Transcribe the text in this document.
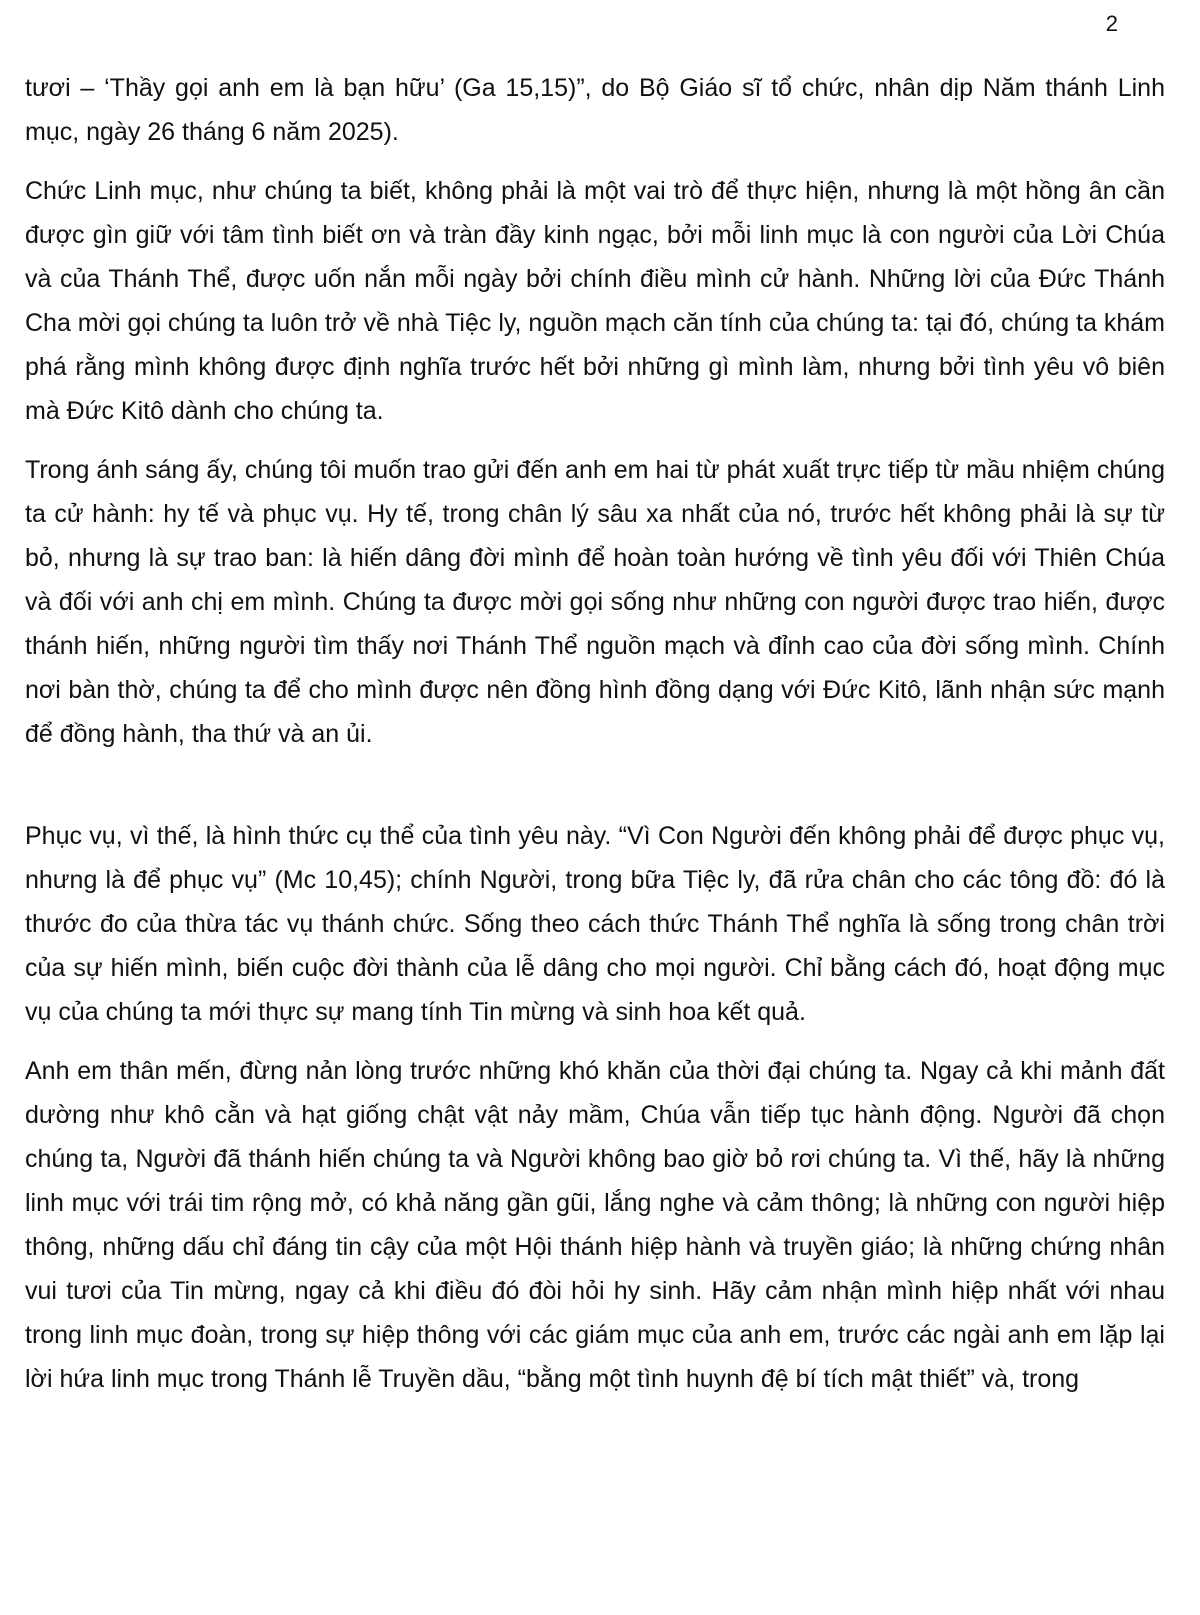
2

tươi – ‘Thầy gọi anh em là bạn hữu’ (Ga 15,15)”, do Bộ Giáo sĩ tổ chức, nhân dịp Năm thánh Linh mục, ngày 26 tháng 6 năm 2025).

Chức Linh mục, như chúng ta biết, không phải là một vai trò để thực hiện, nhưng là một hồng ân cần được gìn giữ với tâm tình biết ơn và tràn đầy kinh ngạc, bởi mỗi linh mục là con người của Lời Chúa và của Thánh Thể, được uốn nắn mỗi ngày bởi chính điều mình cử hành. Những lời của Đức Thánh Cha mời gọi chúng ta luôn trở về nhà Tiệc ly, nguồn mạch căn tính của chúng ta: tại đó, chúng ta khám phá rằng mình không được định nghĩa trước hết bởi những gì mình làm, nhưng bởi tình yêu vô biên mà Đức Kitô dành cho chúng ta.

Trong ánh sáng ấy, chúng tôi muốn trao gửi đến anh em hai từ phát xuất trực tiếp từ mầu nhiệm chúng ta cử hành: hy tế và phục vụ. Hy tế, trong chân lý sâu xa nhất của nó, trước hết không phải là sự từ bỏ, nhưng là sự trao ban: là hiến dâng đời mình để hoàn toàn hướng về tình yêu đối với Thiên Chúa và đối với anh chị em mình. Chúng ta được mời gọi sống như những con người được trao hiến, được thánh hiến, những người tìm thấy nơi Thánh Thể nguồn mạch và đỉnh cao của đời sống mình. Chính nơi bàn thờ, chúng ta để cho mình được nên đồng hình đồng dạng với Đức Kitô, lãnh nhận sức mạnh để đồng hành, tha thứ và an ủi.

Phục vụ, vì thế, là hình thức cụ thể của tình yêu này. “Vì Con Người đến không phải để được phục vụ, nhưng là để phục vụ” (Mc 10,45); chính Người, trong bữa Tiệc ly, đã rửa chân cho các tông đồ: đó là thước đo của thừa tác vụ thánh chức. Sống theo cách thức Thánh Thể nghĩa là sống trong chân trời của sự hiến mình, biến cuộc đời thành của lễ dâng cho mọi người. Chỉ bằng cách đó, hoạt động mục vụ của chúng ta mới thực sự mang tính Tin mừng và sinh hoa kết quả.

Anh em thân mến, đừng nản lòng trước những khó khăn của thời đại chúng ta. Ngay cả khi mảnh đất dường như khô cằn và hạt giống chật vật nảy mầm, Chúa vẫn tiếp tục hành động. Người đã chọn chúng ta, Người đã thánh hiến chúng ta và Người không bao giờ bỏ rơi chúng ta. Vì thế, hãy là những linh mục với trái tim rộng mở, có khả năng gần gũi, lắng nghe và cảm thông; là những con người hiệp thông, những dấu chỉ đáng tin cậy của một Hội thánh hiệp hành và truyền giáo; là những chứng nhân vui tươi của Tin mừng, ngay cả khi điều đó đòi hỏi hy sinh. Hãy cảm nhận mình hiệp nhất với nhau trong linh mục đoàn, trong sự hiệp thông với các giám mục của anh em, trước các ngài anh em lặp lại lời hứa linh mục trong Thánh lễ Truyền dầu, “bằng một tình huynh đệ bí tích mật thiết” và, trong
